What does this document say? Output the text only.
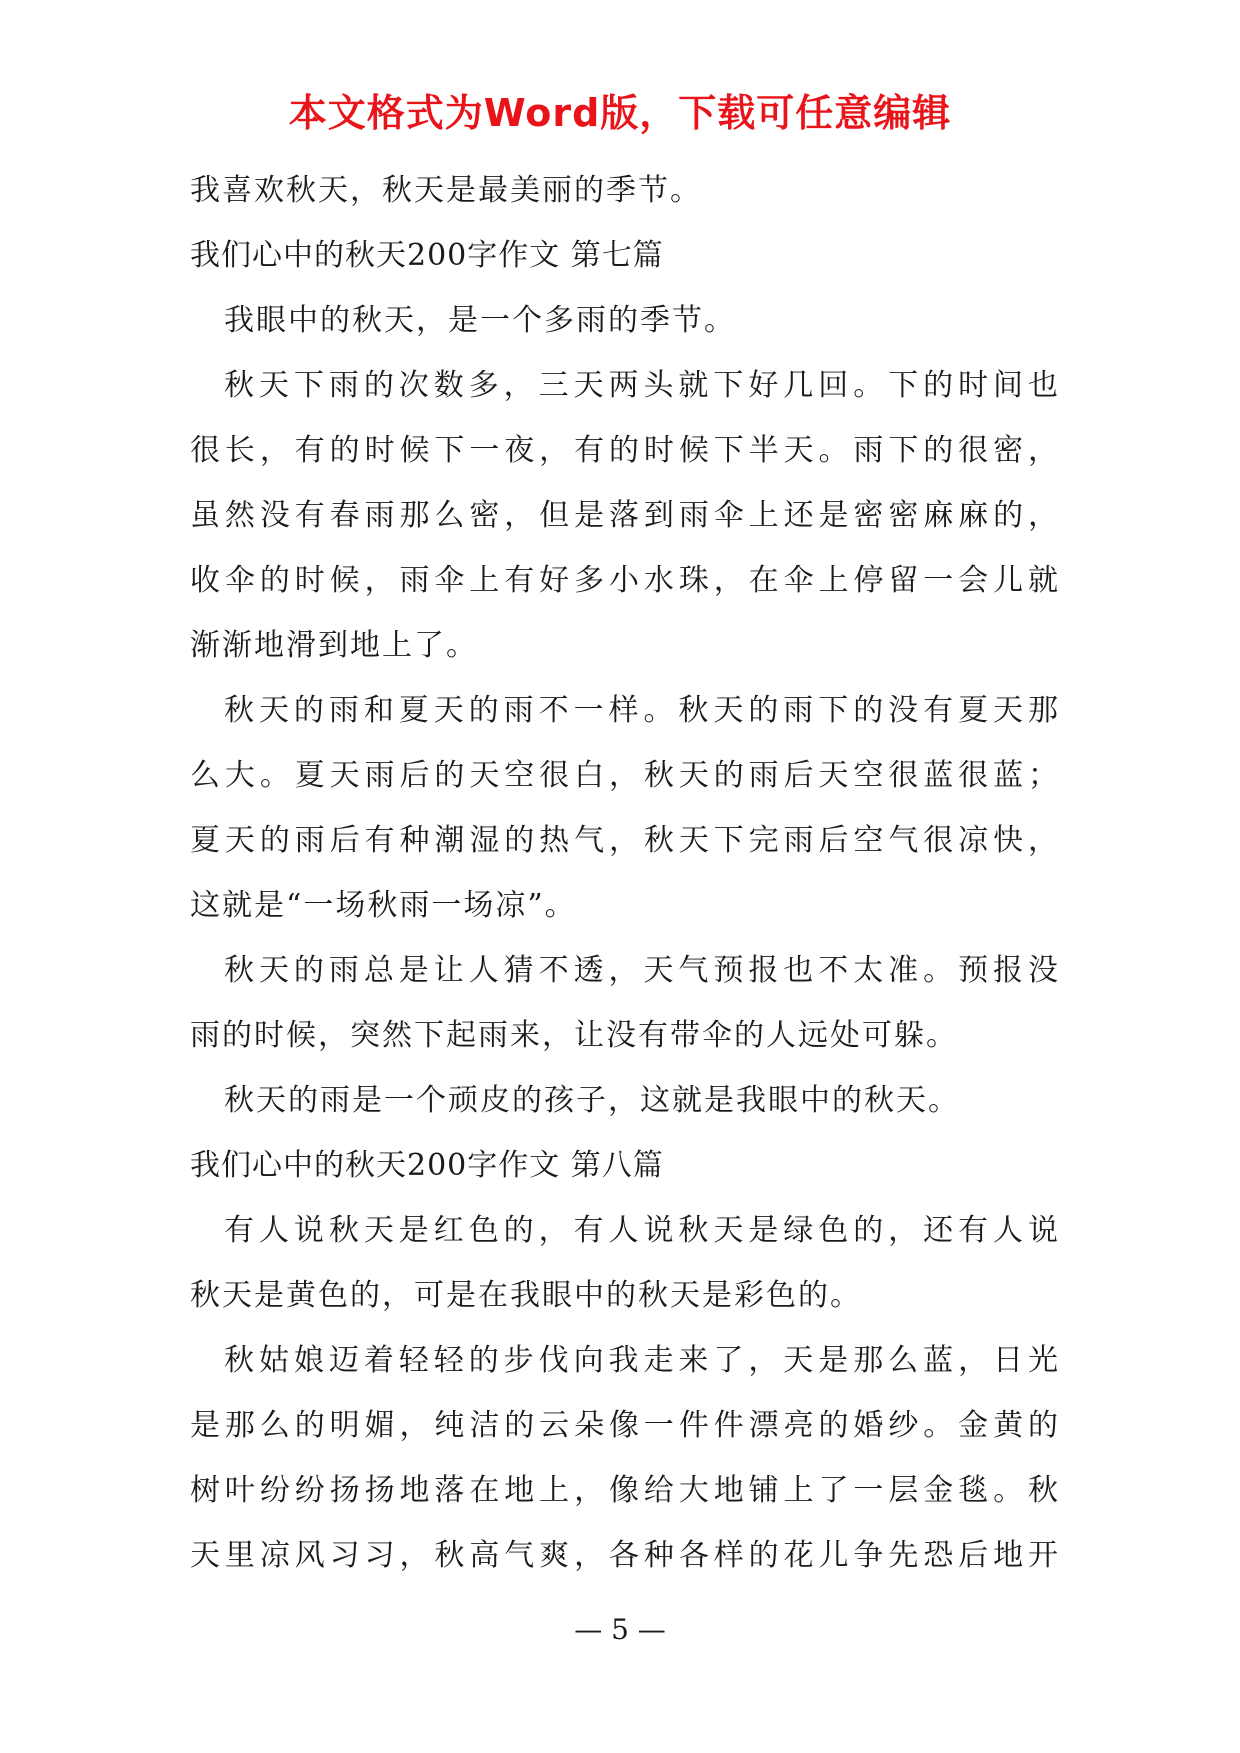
本文格式为Word版，下载可任意编辑
我喜欢秋天，秋天是最美丽的季节。
我们心中的秋天200字作文 第七篇
我眼中的秋天，是一个多雨的季节。
秋天下雨的次数多，三天两头就下好几回。下的时间也
很长，有的时候下一夜，有的时候下半天。雨下的很密，
虽然没有春雨那么密，但是落到雨伞上还是密密麻麻的，
收伞的时候，雨伞上有好多小水珠，在伞上停留一会儿就
渐渐地滑到地上了。
秋天的雨和夏天的雨不一样。秋天的雨下的没有夏天那
么大。夏天雨后的天空很白，秋天的雨后天空很蓝很蓝；
夏天的雨后有种潮湿的热气，秋天下完雨后空气很凉快，
这就是“一场秋雨一场凉”。
秋天的雨总是让人猜不透，天气预报也不太准。预报没
雨的时候，突然下起雨来，让没有带伞的人远处可躲。
秋天的雨是一个顽皮的孩子，这就是我眼中的秋天。
我们心中的秋天200字作文 第八篇
有人说秋天是红色的，有人说秋天是绿色的，还有人说
秋天是黄色的，可是在我眼中的秋天是彩色的。
秋姑娘迈着轻轻的步伐向我走来了，天是那么蓝，日光
是那么的明媚，纯洁的云朵像一件件漂亮的婚纱。金黄的
树叶纷纷扬扬地落在地上，像给大地铺上了一层金毯。秋
天里凉风习习，秋高气爽，各种各样的花儿争先恐后地开
— 5 —
